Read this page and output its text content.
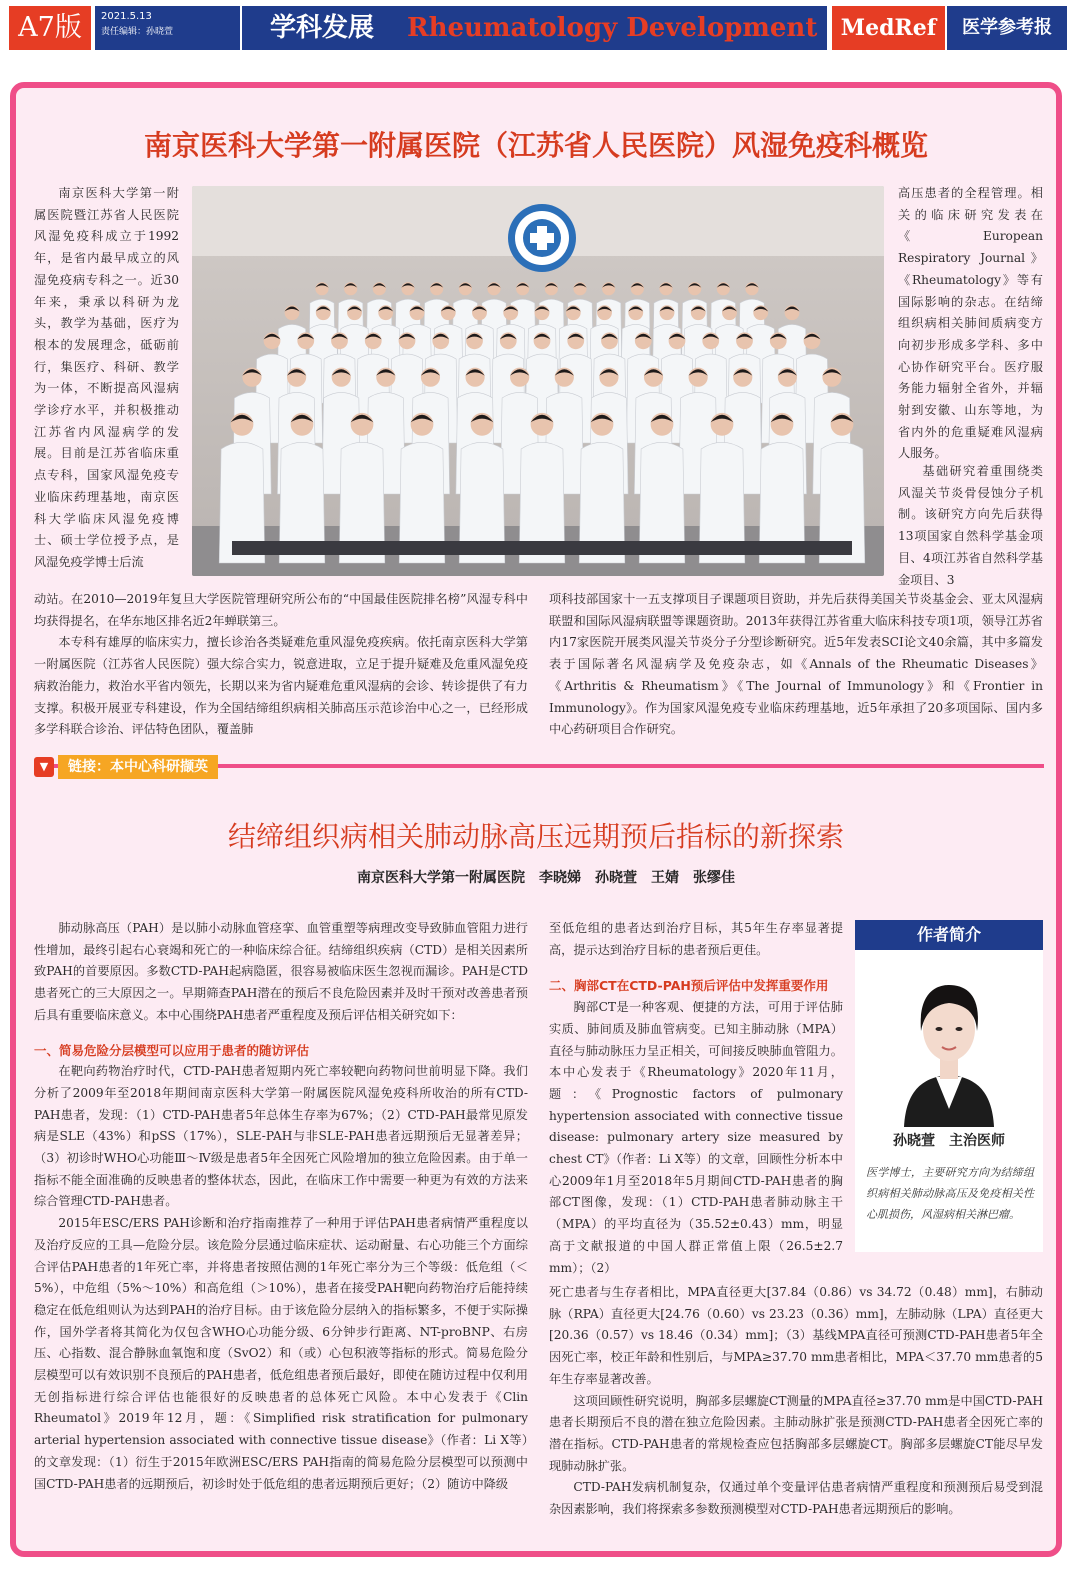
A7版	2021.5.13
责任编辑：孙晓萱	学科发展 Rheumatology Development	MedRef	医学参考报
南京医科大学第一附属医院（江苏省人民医院）风湿免疫科概览

南京医科大学第一附属医院暨江苏省人民医院风湿免疫科成立于1992年，是省内最早成立的风湿免疫病专科之一。近30年来，秉承以科研为龙头，教学为基础，医疗为根本的发展理念，砥砺前行，集医疗、科研、教学为一体，不断提高风湿病学诊疗水平，并积极推动江苏省内风湿病学的发展。目前是江苏省临床重点专科，国家风湿免疫专业临床药理基地，南京医科大学临床风湿免疫博士、硕士学位授予点，是风湿免疫学博士后流

高压患者的全程管理。相关的临床研究发表在《European Respiratory Journal》《Rheumatology》等有国际影响的杂志。在结缔组织病相关肺间质病变方向初步形成多学科、多中心协作研究平台。医疗服务能力辐射全省外，并辐射到安徽、山东等地，为省内外的危重疑难风湿病人服务。

基础研究着重围绕类风湿关节炎骨侵蚀分子机制。该研究方向先后获得13项国家自然科学基金项目、4项江苏省自然科学基金项目、3

动站。在2010—2019年复旦大学医院管理研究所公布的“中国最佳医院排名榜”风湿专科中均获得提名，在华东地区排名近2年蝉联第三。

本专科有雄厚的临床实力，擅长诊治各类疑难危重风湿免疫疾病。依托南京医科大学第一附属医院（江苏省人民医院）强大综合实力，锐意进取，立足于提升疑难及危重风湿免疫病救治能力，救治水平省内领先，长期以来为省内疑难危重风湿病的会诊、转诊提供了有力支撑。积极开展亚专科建设，作为全国结缔组织病相关肺高压示范诊治中心之一，已经形成多学科联合诊治、评估特色团队，覆盖肺

项科技部国家十一五支撑项目子课题项目资助，并先后获得美国关节炎基金会、亚太风湿病联盟和国际风湿病联盟等课题资助。2013年获得江苏省重大临床科技专项1项，领导江苏省内17家医院开展类风湿关节炎分子分型诊断研究。近5年发表SCI论文40余篇，其中多篇发表于国际著名风湿病学及免疫杂志，如《Annals of the Rheumatic Diseases》《Arthritis & Rheumatism》《The Journal of Immunology》和《Frontier in Immunology》。作为国家风湿免疫专业临床药理基地，近5年承担了20多项国际、国内多中心药研项目合作研究。

▼	链接：本中心科研撷英
结缔组织病相关肺动脉高压远期预后指标的新探索
南京医科大学第一附属医院　李晓娣　孙晓萱　王婧　张缪佳

肺动脉高压（PAH）是以肺小动脉血管痉挛、血管重塑等病理改变导致肺血管阻力进行性增加，最终引起右心衰竭和死亡的一种临床综合征。结缔组织疾病（CTD）是相关因素所致PAH的首要原因。多数CTD-PAH起病隐匿，很容易被临床医生忽视而漏诊。PAH是CTD患者死亡的三大原因之一。早期筛查PAH潜在的预后不良危险因素并及时干预对改善患者预后具有重要临床意义。本中心围绕PAH患者严重程度及预后评估相关研究如下：

一、简易危险分层模型可以应用于患者的随访评估

在靶向药物治疗时代，CTD-PAH患者短期内死亡率较靶向药物问世前明显下降。我们分析了2009年至2018年期间南京医科大学第一附属医院风湿免疫科所收治的所有CTD-PAH患者，发现：（1）CTD-PAH患者5年总体生存率为67%；（2）CTD-PAH最常见原发病是SLE（43%）和pSS（17%），SLE-PAH与非SLE-PAH患者远期预后无显著差异；（3）初诊时WHO心功能Ⅲ～Ⅳ级是患者5年全因死亡风险增加的独立危险因素。由于单一指标不能全面准确的反映患者的整体状态，因此，在临床工作中需要一种更为有效的方法来综合管理CTD-PAH患者。

2015年ESC/ERS PAH诊断和治疗指南推荐了一种用于评估PAH患者病情严重程度以及治疗反应的工具—危险分层。该危险分层通过临床症状、运动耐量、右心功能三个方面综合评估PAH患者的1年死亡率，并将患者按照估测的1年死亡率分为三个等级：低危组（＜5%），中危组（5%～10%）和高危组（＞10%），患者在接受PAH靶向药物治疗后能持续稳定在低危组则认为达到PAH的治疗目标。由于该危险分层纳入的指标繁多，不便于实际操作，国外学者将其简化为仅包含WHO心功能分级、6分钟步行距离、NT-proBNP、右房压、心指数、混合静脉血氧饱和度（SvO2）和（或）心包积液等指标的形式。简易危险分层模型可以有效识别不良预后的PAH患者，低危组患者预后最好，即使在随访过程中仅利用无创指标进行综合评估也能很好的反映患者的总体死亡风险。本中心发表于《Clin Rheumatol》2019年12月，题：《Simplified risk stratification for pulmonary arterial hypertension associated with connective tissue disease》（作者：Li X等）的文章发现：（1）衍生于2015年欧洲ESC/ERS PAH指南的简易危险分层模型可以预测中国CTD-PAH患者的远期预后，初诊时处于低危组的患者远期预后更好；（2）随访中降级

至低危组的患者达到治疗目标，其5年生存率显著提高，提示达到治疗目标的患者预后更佳。

二、胸部CT在CTD-PAH预后评估中发挥重要作用

胸部CT是一种客观、便捷的方法，可用于评估肺实质、肺间质及肺血管病变。已知主肺动脉（MPA）直径与肺动脉压力呈正相关，可间接反映肺血管阻力。本中心发表于《Rheumatology》2020年11月，题：《Prognostic factors of pulmonary hypertension associated with connective tissue disease: pulmonary artery size measured by chest CT》（作者：Li X等）的文章，回顾性分析本中心2009年1月至2018年5月期间CTD-PAH患者的胸部CT图像，发现：（1）CTD-PAH患者肺动脉主干（MPA）的平均直径为（35.52±0.43）mm，明显高于文献报道的中国人群正常值上限（26.5±2.7 mm）；（2）

死亡患者与生存者相比，MPA直径更大[37.84（0.86）vs 34.72（0.48）mm]，右肺动脉（RPA）直径更大[24.76（0.60）vs 23.23（0.36）mm]，左肺动脉（LPA）直径更大[20.36（0.57）vs 18.46（0.34）mm]；（3）基线MPA直径可预测CTD-PAH患者5年全因死亡率，校正年龄和性别后，与MPA≥37.70 mm患者相比，MPA＜37.70 mm患者的5年生存率显著改善。

这项回顾性研究说明，胸部多层螺旋CT测量的MPA直径≥37.70 mm是中国CTD-PAH患者长期预后不良的潜在独立危险因素。主肺动脉扩张是预测CTD-PAH患者全因死亡率的潜在指标。CTD-PAH患者的常规检查应包括胸部多层螺旋CT。胸部多层螺旋CT能尽早发现肺动脉扩张。

CTD-PAH发病机制复杂，仅通过单个变量评估患者病情严重程度和预测预后易受到混杂因素影响，我们将探索多参数预测模型对CTD-PAH患者远期预后的影响。

作者简介
孙晓萱　主治医师

医学博士，主要研究方向为结缔组织病相关肺动脉高压及免疫相关性心肌损伤，风湿病相关淋巴瘤。
